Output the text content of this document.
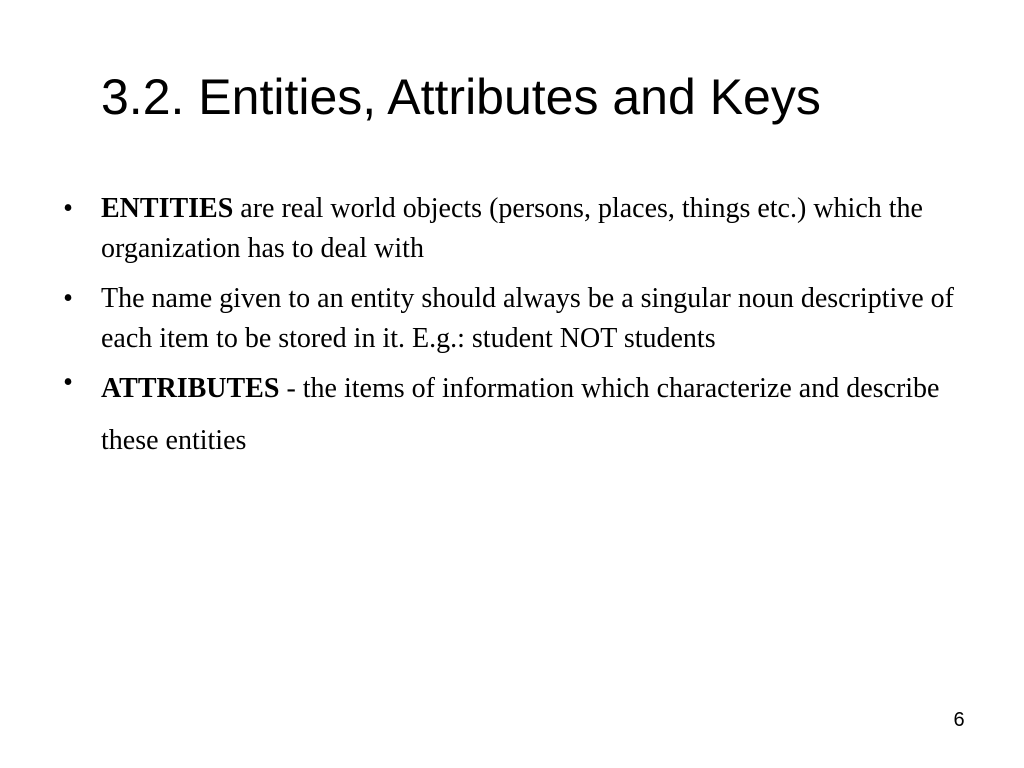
3.2. Entities, Attributes and Keys
• ENTITIES are real world objects (persons, places, things etc.) which the organization has to deal with
• The name given to an entity should always be a singular noun descriptive of each item to be stored in it. E.g.: student NOT students
• ATTRIBUTES - the items of information which characterize and describe these entities
6
